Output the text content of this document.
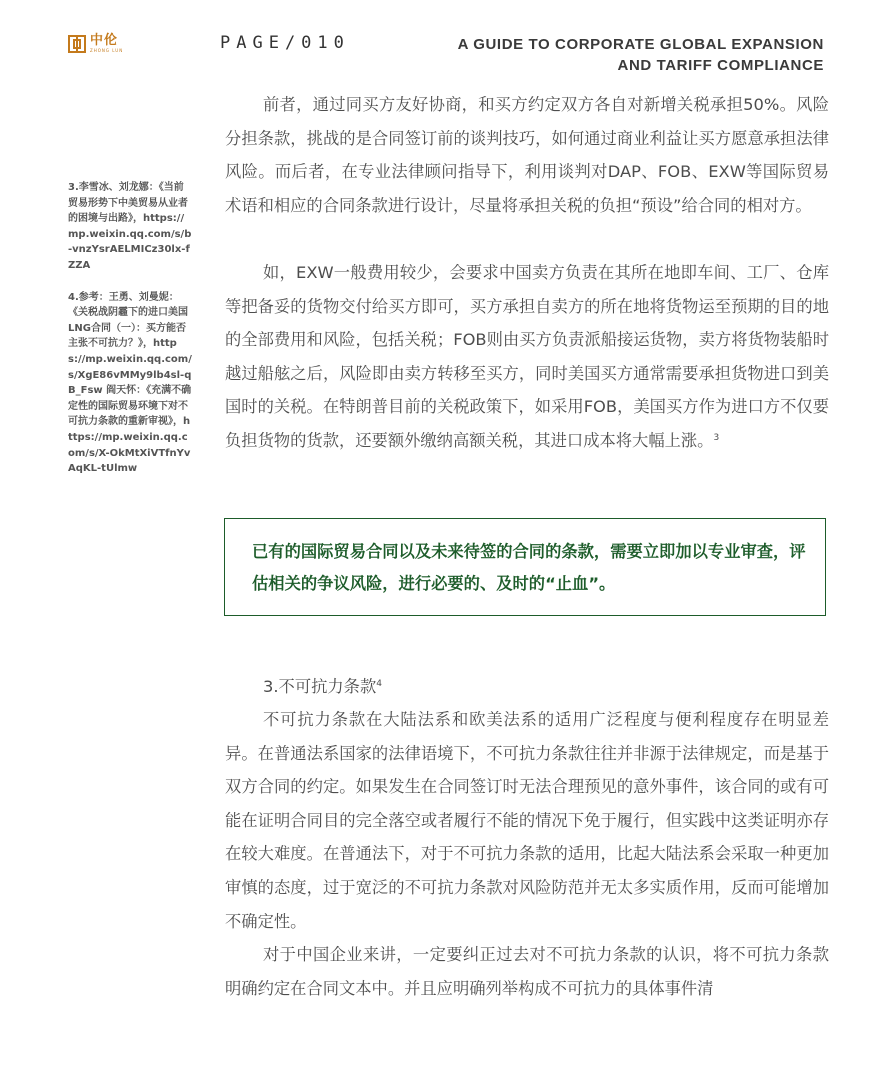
中伦
ZHONG LUN	PAGE/010	A GUIDE TO CORPORATE GLOBAL EXPANSION
AND TARIFF COMPLIANCE

3.李雪冰、刘龙娜：《当前贸易形势下中美贸易从业者的困境与出路》，https://mp.weixin.qq.com/s/b-vnzYsrAELMICz30lx-fZZA

4.参考：王勇、刘曼妮：《关税战阴霾下的进口美国LNG合同（一）：买方能否主张不可抗力？》，https://mp.weixin.qq.com/s/XgE86vMMy9lb4sl-qB_Fsw 阎天怀：《充满不确定性的国际贸易环境下对不可抗力条款的重新审视》，https://mp.weixin.qq.com/s/X-OkMtXiVTfnYvAqKL-tUlmw

前者，通过同买方友好协商，和买方约定双方各自对新增关税承担50%。风险分担条款，挑战的是合同签订前的谈判技巧，如何通过商业利益让买方愿意承担法律风险。而后者，在专业法律顾问指导下，利用谈判对DAP、FOB、EXW等国际贸易术语和相应的合同条款进行设计，尽量将承担关税的负担“预设”给合同的相对方。

如，EXW一般费用较少，会要求中国卖方负责在其所在地即车间、工厂、仓库等把备妥的货物交付给买方即可，买方承担自卖方的所在地将货物运至预期的目的地的全部费用和风险，包括关税；FOB则由买方负责派船接运货物，卖方将货物装船时越过船舷之后，风险即由卖方转移至买方，同时美国买方通常需要承担货物进口到美国时的关税。在特朗普目前的关税政策下，如采用FOB，美国买方作为进口方不仅要负担货物的货款，还要额外缴纳高额关税，其进口成本将大幅上涨。$^3$

已有的国际贸易合同以及未来待签的合同的条款，需要立即加以专业审查，评估相关的争议风险，进行必要的、及时的“止血”。

3.不可抗力条款$^4$

不可抗力条款在大陆法系和欧美法系的适用广泛程度与便利程度存在明显差异。在普通法系国家的法律语境下，不可抗力条款往往并非源于法律规定，而是基于双方合同的约定。如果发生在合同签订时无法合理预见的意外事件，该合同的或有可能在证明合同目的完全落空或者履行不能的情况下免于履行，但实践中这类证明亦存在较大难度。在普通法下，对于不可抗力条款的适用，比起大陆法系会采取一种更加审慎的态度，过于宽泛的不可抗力条款对风险防范并无太多实质作用，反而可能增加不确定性。

对于中国企业来讲，一定要纠正过去对不可抗力条款的认识，将不可抗力条款明确约定在合同文本中。并且应明确列举构成不可抗力的具体事件清
